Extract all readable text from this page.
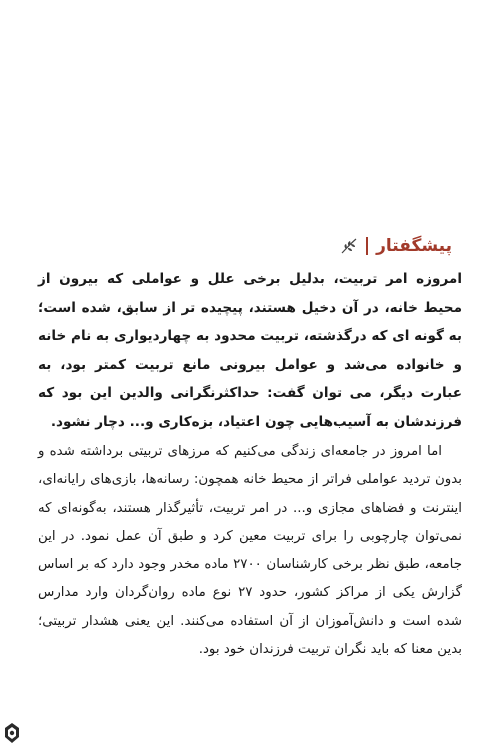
پیشگفتار

امروزه امر تربیت، بدلیل برخی علل و عواملی که بیرون از محیط خانه، در آن دخیل هستند، پیچیده تر از سابق، شده است؛ به گونه ای که درگذشته، تربیت محدود به چهاردیواری به نام خانه و خانواده می‌شد و عوامل بیرونی مانع تربیت کمتر بود، به عبارت دیگر، می توان گفت: حداکثرنگرانی والدین این بود که فرزندشان به آسیب‌هایی چون اعتیاد، بزه‌کاری و... دچار نشود.

اما امروز در جامعه‌ای زندگی می‌کنیم که مرزهای تربیتی برداشته شده و بدون تردید عواملی فراتر از محیط خانه همچون: رسانه‌ها، بازی‌های رایانه‌ای، اینترنت و فضاهای مجازی و... در امر تربیت، تأثیرگذار هستند، به‌گونه‌ای که نمی‌توان چارچوبی را برای تربیت معین کرد و طبق آن عمل نمود. در این جامعه، طبق نظر برخی کارشناسان ۲۷۰۰ ماده مخدر وجود دارد که بر اساس گزارش یکی از مراکز کشور، حدود ۲۷ نوع ماده روان‌گردان وارد مدارس شده است و دانش‌آموزان از آن استفاده می‌کنند. این یعنی هشدار تربیتی؛ بدین معنا که باید نگران تربیت فرزندان خود بود.
